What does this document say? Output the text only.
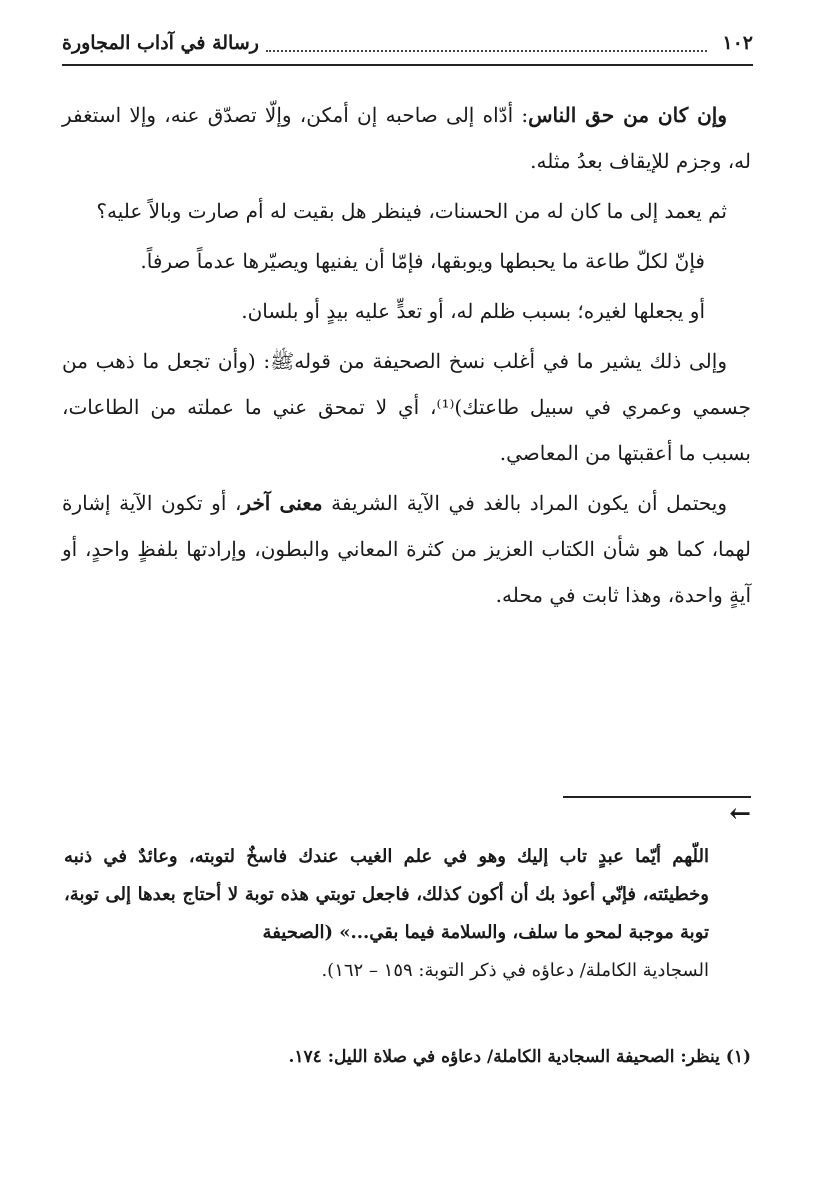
١٠٢
رسالة في آداب المجاورة

وإن كان من حق الناس: أدّاه إلى صاحبه إن أمكن، وإلّا تصدّق عنه، وإلا استغفر له، وجزم للإيقاف بعدُ مثله.

ثم يعمد إلى ما كان له من الحسنات، فينظر هل بقيت له أم صارت وبالاً عليه؟

فإنّ لكلّ طاعة ما يحبطها ويوبقها، فإمّا أن يفنيها ويصيّرها عدماً صرفاً.

أو يجعلها لغيره؛ بسبب ظلم له، أو تعدٍّ عليه بيدٍ أو بلسان.

وإلى ذلك يشير ما في أغلب نسخ الصحيفة من قوله‎ﷺ‎: (وأن تجعل ما ذهب من جسمي وعمري في سبيل طاعتك)⁽¹⁾، أي لا تمحق عني ما عملته من الطاعات، بسبب ما أعقبتها من المعاصي.

ويحتمل أن يكون المراد بالغد في الآية الشريفة معنى آخر، أو تكون الآية إشارة لهما، كما هو شأن الكتاب العزيز من كثرة المعاني والبطون، وإرادتها بلفظٍ واحدٍ، أو آيةٍ واحدة، وهذا ثابت في محله.

←

اللّهم أيّما عبدٍ تاب إليك وهو في علم الغيب عندك فاسخٌ لتوبته، وعائدٌ في ذنبه وخطيئته، فإنّي أعوذ بك أن أكون كذلك، فاجعل توبتي هذه توبة لا أحتاج بعدها إلى توبة، توبة موجبة لمحو ما سلف، والسلامة فيما بقي...» (الصحيفة

السجادية الكاملة/ دعاؤه في ذكر التوبة: ١٥٩ – ١٦٢).

(١) ينظر: الصحيفة السجادية الكاملة/ دعاؤه في صلاة الليل: ١٧٤.
